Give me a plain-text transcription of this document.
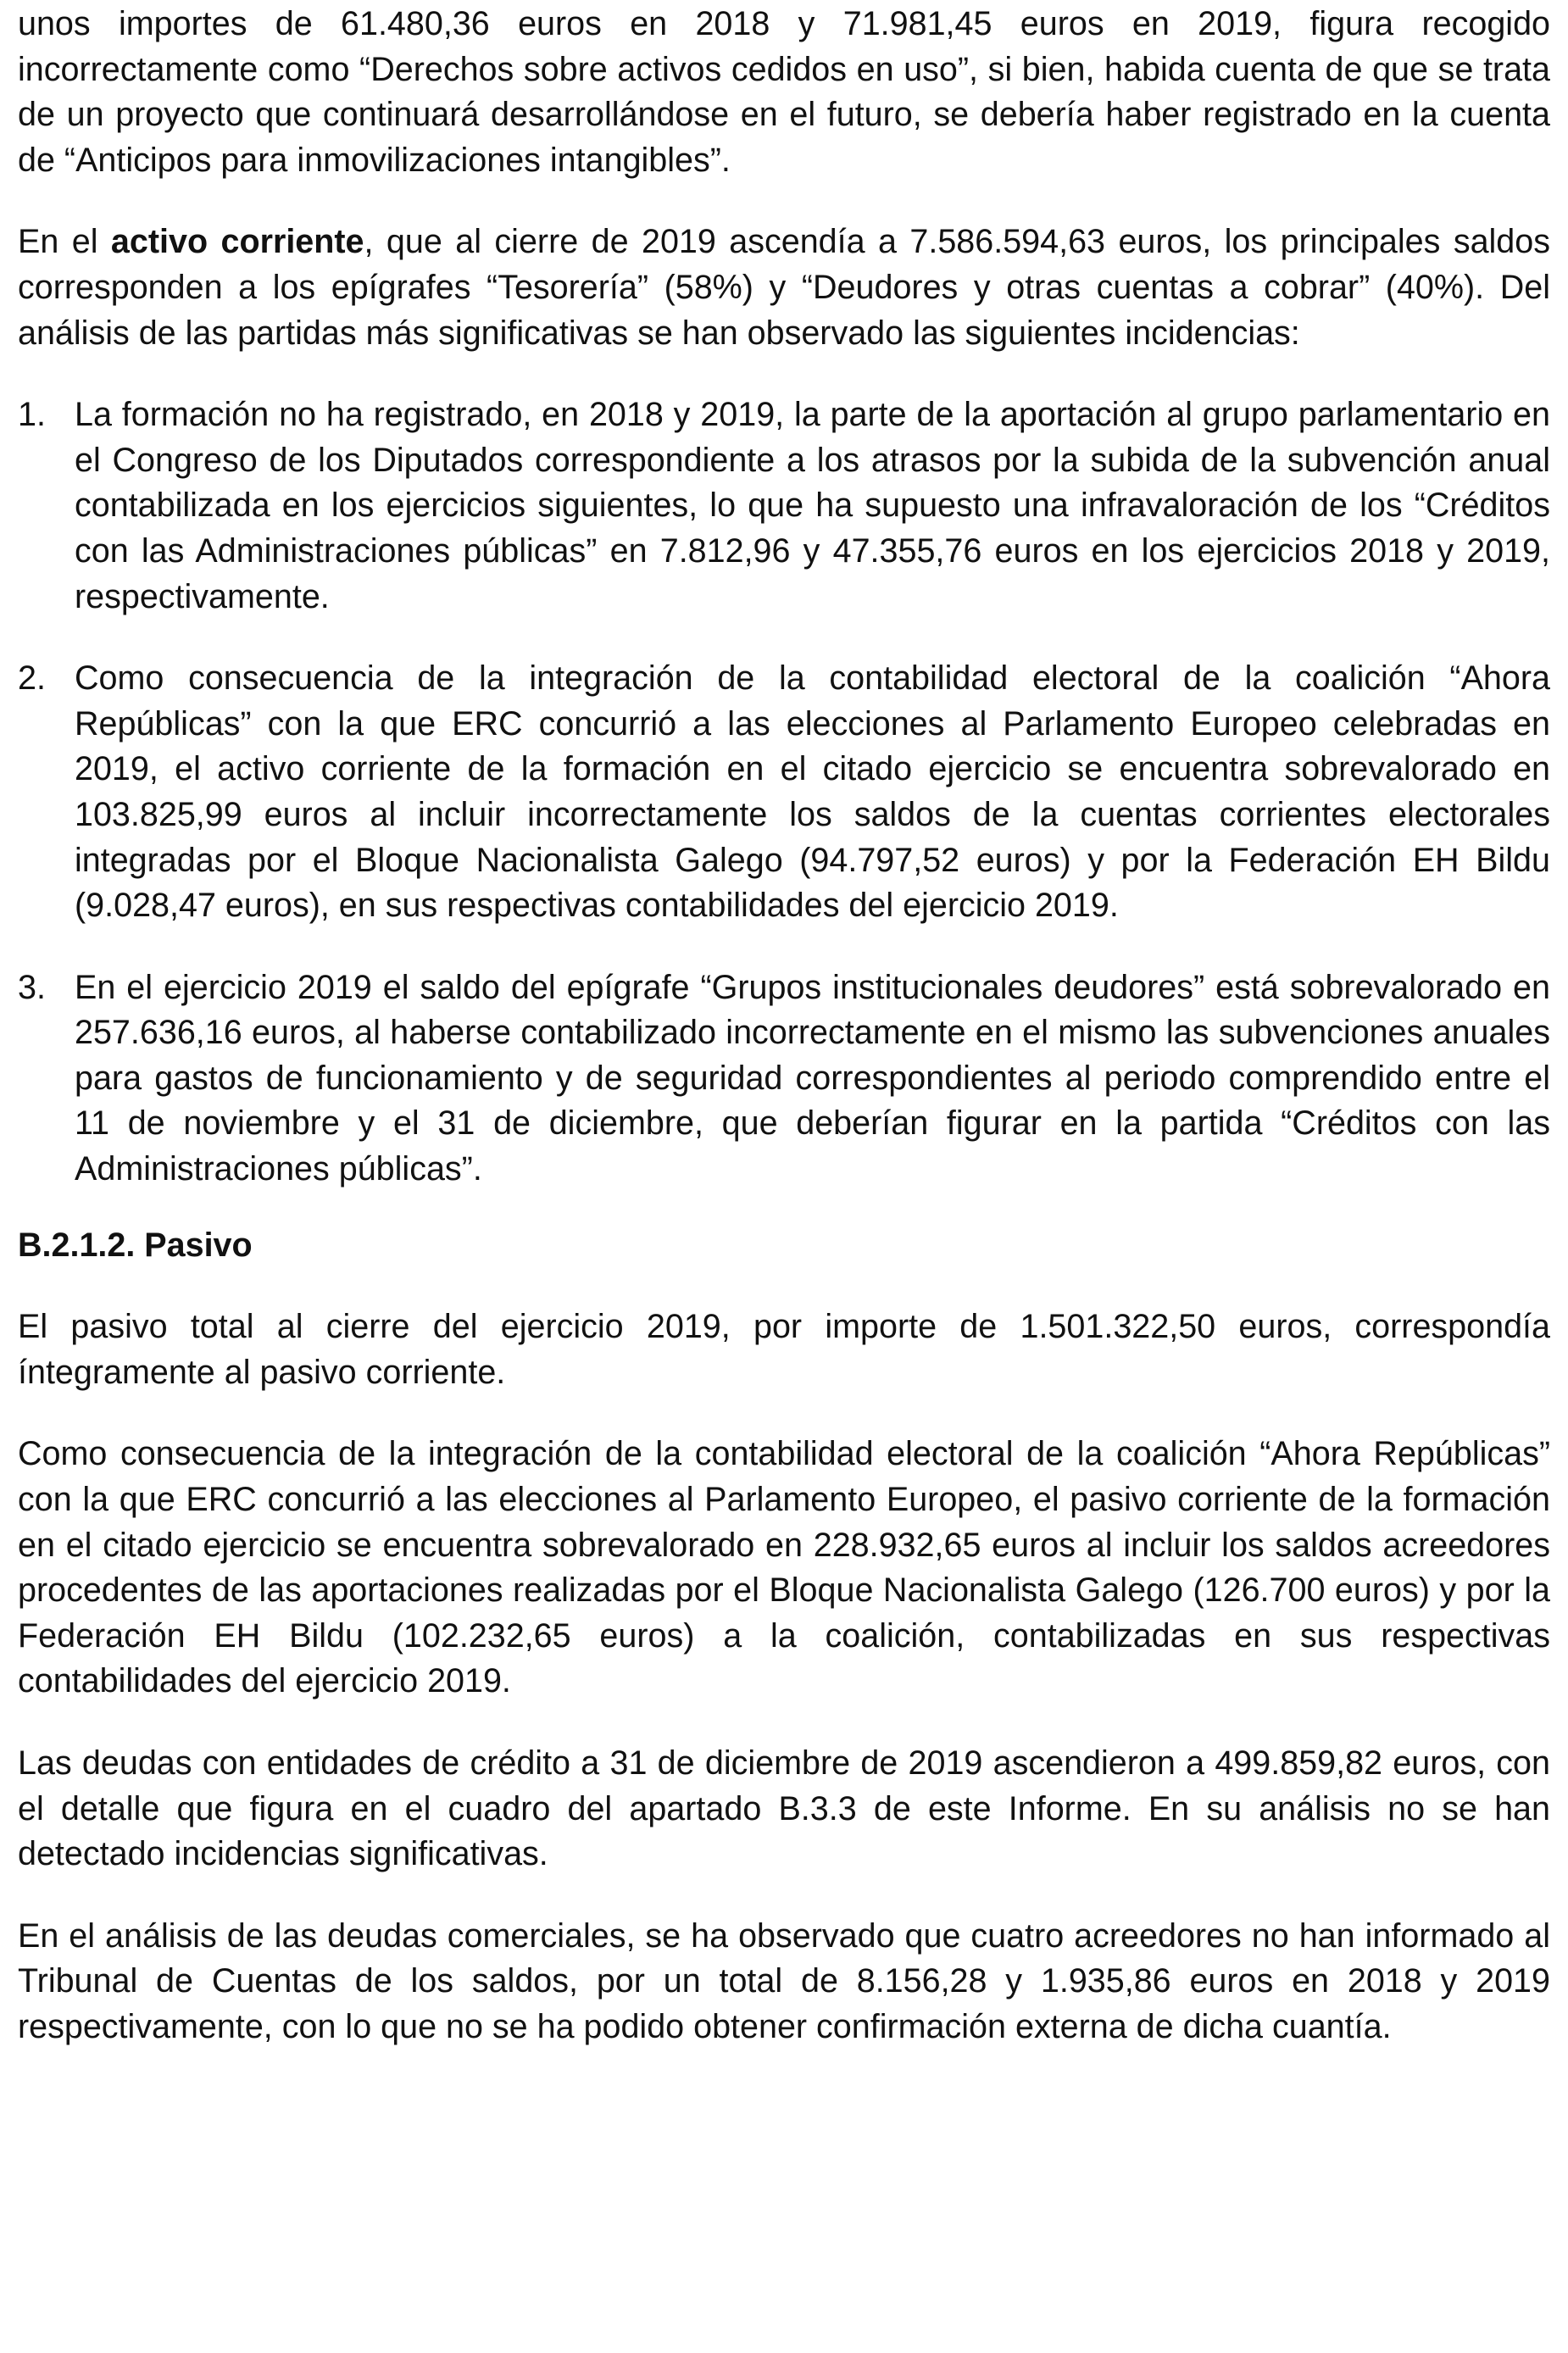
unos importes de 61.480,36 euros en 2018 y 71.981,45 euros en 2019, figura recogido incorrectamente como “Derechos sobre activos cedidos en uso”, si bien, habida cuenta de que se trata de un proyecto que continuará desarrollándose en el futuro, se debería haber registrado en la cuenta de “Anticipos para inmovilizaciones intangibles”.

En el activo corriente, que al cierre de 2019 ascendía a 7.586.594,63 euros, los principales saldos corresponden a los epígrafes “Tesorería” (58%) y “Deudores y otras cuentas a cobrar” (40%). Del análisis de las partidas más significativas se han observado las siguientes incidencias:

1. La formación no ha registrado, en 2018 y 2019, la parte de la aportación al grupo parlamentario en el Congreso de los Diputados correspondiente a los atrasos por la subida de la subvención anual contabilizada en los ejercicios siguientes, lo que ha supuesto una infravaloración de los “Créditos con las Administraciones públicas” en 7.812,96 y 47.355,76 euros en los ejercicios 2018 y 2019, respectivamente.
2. Como consecuencia de la integración de la contabilidad electoral de la coalición “Ahora Repúblicas” con la que ERC concurrió a las elecciones al Parlamento Europeo celebradas en 2019, el activo corriente de la formación en el citado ejercicio se encuentra sobrevalorado en 103.825,99 euros al incluir incorrectamente los saldos de la cuentas corrientes electorales integradas por el Bloque Nacionalista Galego (94.797,52 euros) y por la Federación EH Bildu (9.028,47 euros), en sus respectivas contabilidades del ejercicio 2019.
3. En el ejercicio 2019 el saldo del epígrafe “Grupos institucionales deudores” está sobrevalorado en 257.636,16 euros, al haberse contabilizado incorrectamente en el mismo las subvenciones anuales para gastos de funcionamiento y de seguridad correspondientes al periodo comprendido entre el 11 de noviembre y el 31 de diciembre, que deberían figurar en la partida “Créditos con las Administraciones públicas”.

B.2.1.2. Pasivo

El pasivo total al cierre del ejercicio 2019, por importe de 1.501.322,50 euros, correspondía íntegramente al pasivo corriente.

Como consecuencia de la integración de la contabilidad electoral de la coalición “Ahora Repúblicas” con la que ERC concurrió a las elecciones al Parlamento Europeo, el pasivo corriente de la formación en el citado ejercicio se encuentra sobrevalorado en 228.932,65 euros al incluir los saldos acreedores procedentes de las aportaciones realizadas por el Bloque Nacionalista Galego (126.700 euros) y por la Federación EH Bildu (102.232,65 euros) a la coalición, contabilizadas en sus respectivas contabilidades del ejercicio 2019.

Las deudas con entidades de crédito a 31 de diciembre de 2019 ascendieron a 499.859,82 euros, con el detalle que figura en el cuadro del apartado B.3.3 de este Informe. En su análisis no se han detectado incidencias significativas.

En el análisis de las deudas comerciales, se ha observado que cuatro acreedores no han informado al Tribunal de Cuentas de los saldos, por un total de 8.156,28 y 1.935,86 euros en 2018 y 2019 respectivamente, con lo que no se ha podido obtener confirmación externa de dicha cuantía.
